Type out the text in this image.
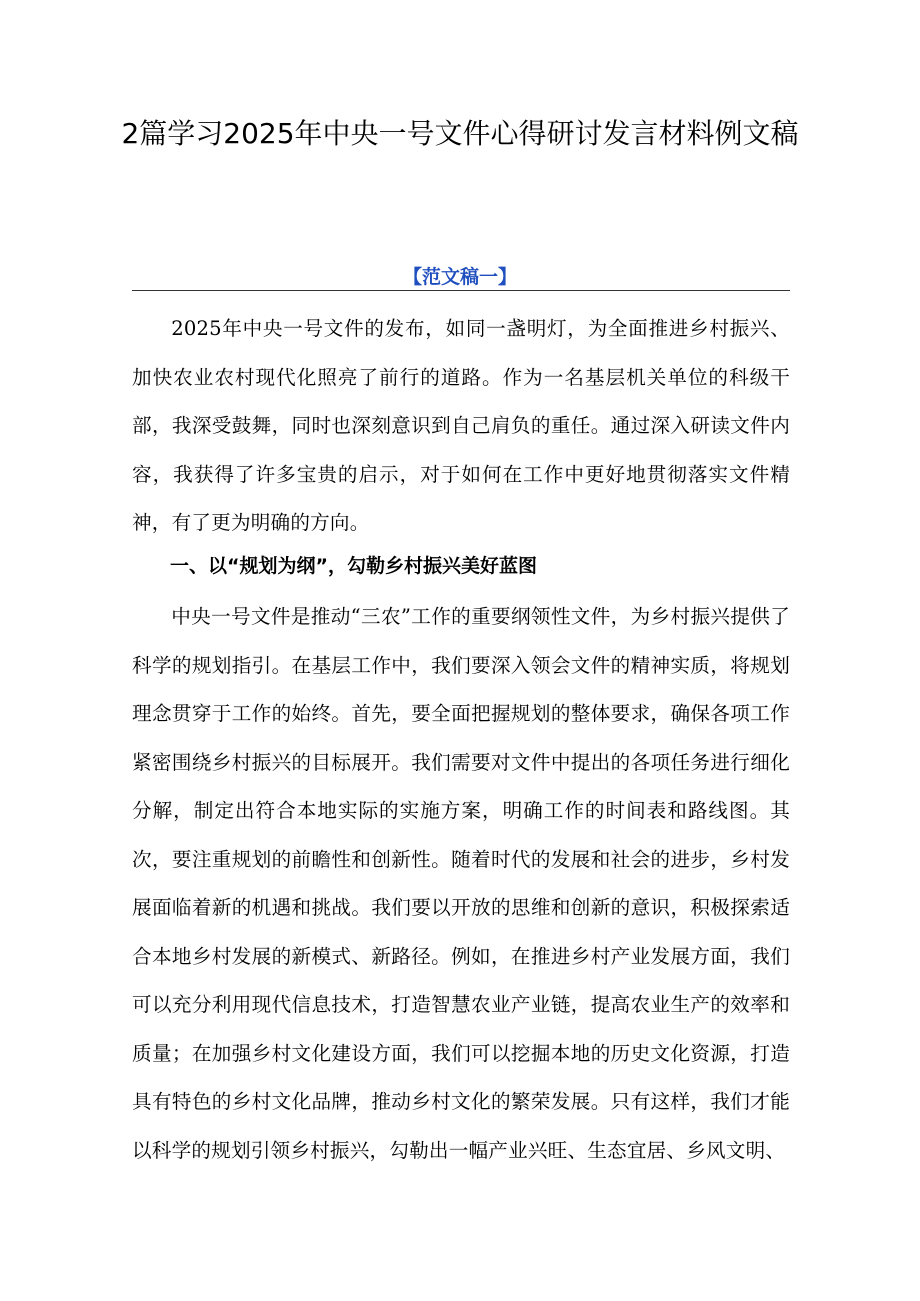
2篇学习2025年中央一号文件心得研讨发言材料例文稿
【范文稿一】

2025年中央一号文件的发布，如同一盏明灯，为全面推进乡村振兴、加快农业农村现代化照亮了前行的道路。作为一名基层机关单位的科级干部，我深受鼓舞，同时也深刻意识到自己肩负的重任。通过深入研读文件内容，我获得了许多宝贵的启示，对于如何在工作中更好地贯彻落实文件精神，有了更为明确的方向。

一、以“规划为纲”，勾勒乡村振兴美好蓝图

中央一号文件是推动“三农”工作的重要纲领性文件，为乡村振兴提供了科学的规划指引。在基层工作中，我们要深入领会文件的精神实质，将规划理念贯穿于工作的始终。首先，要全面把握规划的整体要求，确保各项工作紧密围绕乡村振兴的目标展开。我们需要对文件中提出的各项任务进行细化分解，制定出符合本地实际的实施方案，明确工作的时间表和路线图。其次，要注重规划的前瞻性和创新性。随着时代的发展和社会的进步，乡村发展面临着新的机遇和挑战。我们要以开放的思维和创新的意识，积极探索适合本地乡村发展的新模式、新路径。例如，在推进乡村产业发展方面，我们可以充分利用现代信息技术，打造智慧农业产业链，提高农业生产的效率和质量；在加强乡村文化建设方面，我们可以挖掘本地的历史文化资源，打造具有特色的乡村文化品牌，推动乡村文化的繁荣发展。只有这样，我们才能以科学的规划引领乡村振兴，勾勒出一幅产业兴旺、生态宜居、乡风文明、
